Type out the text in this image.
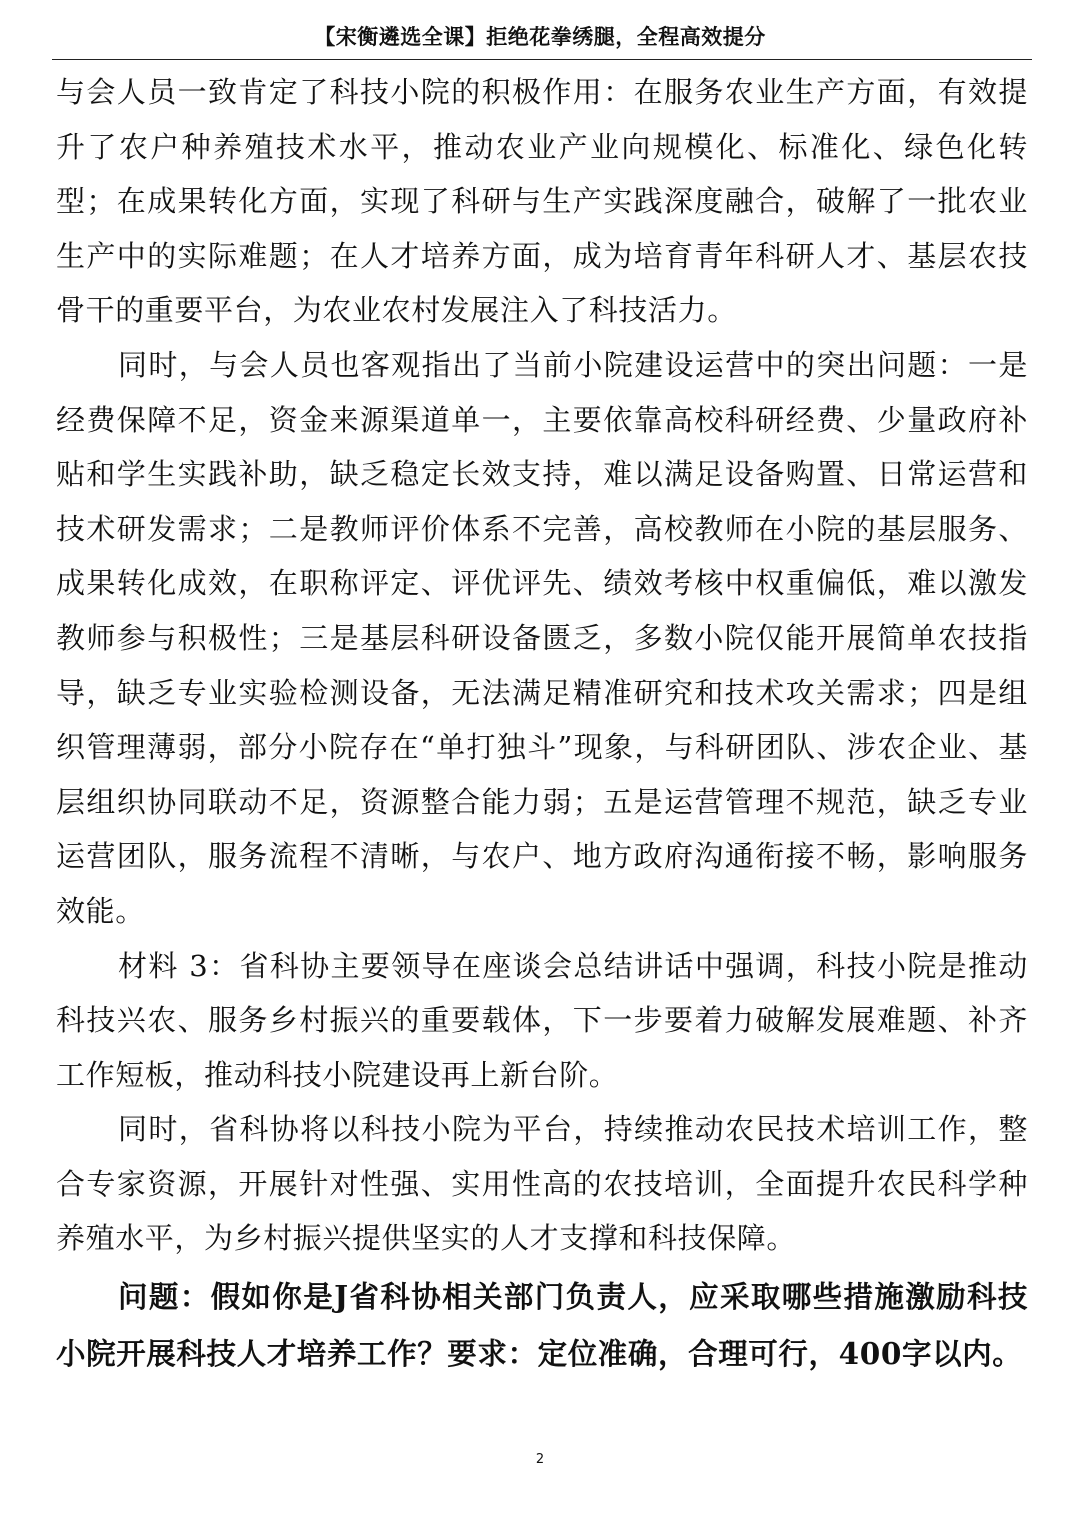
【宋衡遴选全课】拒绝花拳绣腿，全程高效提分

与会人员一致肯定了科技小院的积极作用：在服务农业生产方面，有效提升了农户种养殖技术水平，推动农业产业向规模化、标准化、绿色化转型；在成果转化方面，实现了科研与生产实践深度融合，破解了一批农业生产中的实际难题；在人才培养方面，成为培育青年科研人才、基层农技骨干的重要平台，为农业农村发展注入了科技活力。

同时，与会人员也客观指出了当前小院建设运营中的突出问题：一是经费保障不足，资金来源渠道单一，主要依靠高校科研经费、少量政府补贴和学生实践补助，缺乏稳定长效支持，难以满足设备购置、日常运营和技术研发需求；二是教师评价体系不完善，高校教师在小院的基层服务、成果转化成效，在职称评定、评优评先、绩效考核中权重偏低，难以激发教师参与积极性；三是基层科研设备匮乏，多数小院仅能开展简单农技指导，缺乏专业实验检测设备，无法满足精准研究和技术攻关需求；四是组织管理薄弱，部分小院存在“单打独斗”现象，与科研团队、涉农企业、基层组织协同联动不足，资源整合能力弱；五是运营管理不规范，缺乏专业运营团队，服务流程不清晰，与农户、地方政府沟通衔接不畅，影响服务效能。

材料 3：省科协主要领导在座谈会总结讲话中强调，科技小院是推动科技兴农、服务乡村振兴的重要载体，下一步要着力破解发展难题、补齐工作短板，推动科技小院建设再上新台阶。

同时，省科协将以科技小院为平台，持续推动农民技术培训工作，整合专家资源，开展针对性强、实用性高的农技培训，全面提升农民科学种养殖水平，为乡村振兴提供坚实的人才支撑和科技保障。

问题：假如你是J省科协相关部门负责人，应采取哪些措施激励科技小院开展科技人才培养工作？要求：定位准确，合理可行，400字以内。

2
